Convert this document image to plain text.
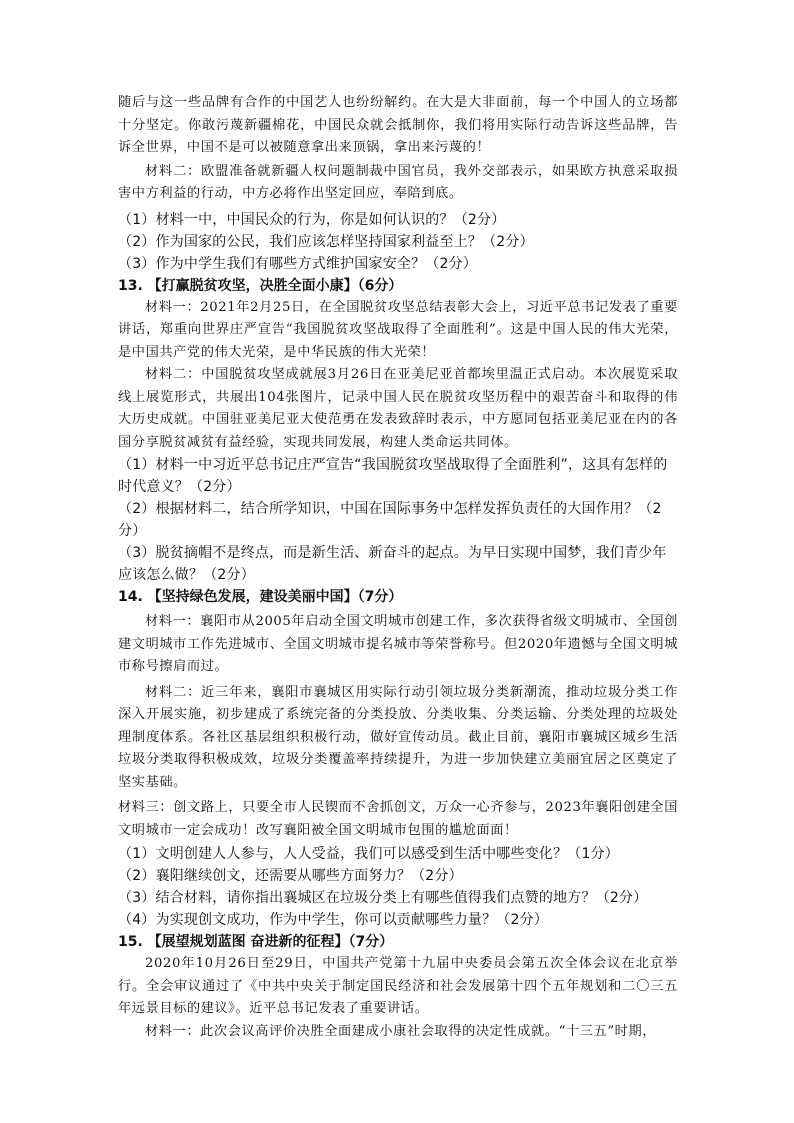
随后与这一些品牌有合作的中国艺人也纷纷解约。在大是大非面前，每一个中国人的立场都十分坚定。你敢污蔑新疆棉花，中国民众就会抵制你，我们将用实际行动告诉这些品牌，告诉全世界，中国不是可以被随意拿出来顶锅，拿出来污蔑的！

材料二：欧盟准备就新疆人权问题制裁中国官员，我外交部表示，如果欧方执意采取损害中方利益的行动，中方必将作出坚定回应，奉陪到底。

（1）材料一中，中国民众的行为，你是如何认识的？（2分）

（2）作为国家的公民，我们应该怎样坚持国家利益至上？（2分）

（3）作为中学生我们有哪些方式维护国家安全？（2分）

13. 【打赢脱贫攻坚，决胜全面小康】（6分）

材料一：2021年2月25日，在全国脱贫攻坚总结表彰大会上，习近平总书记发表了重要讲话，郑重向世界庄严宣告“我国脱贫攻坚战取得了全面胜利”。这是中国人民的伟大光荣，是中国共产党的伟大光荣，是中华民族的伟大光荣！

材料二：中国脱贫攻坚成就展3月26日在亚美尼亚首都埃里温正式启动。本次展览采取线上展览形式，共展出104张图片，记录中国人民在脱贫攻坚历程中的艰苦奋斗和取得的伟大历史成就。中国驻亚美尼亚大使范勇在发表致辞时表示，中方愿同包括亚美尼亚在内的各国分享脱贫减贫有益经验，实现共同发展，构建人类命运共同体。

（1）材料一中习近平总书记庄严宣告“我国脱贫攻坚战取得了全面胜利”，这具有怎样的时代意义？（2分）

（2）根据材料二，结合所学知识，中国在国际事务中怎样发挥负责任的大国作用？（2分）

（3）脱贫摘帽不是终点，而是新生活、新奋斗的起点。为早日实现中国梦，我们青少年应该怎么做？（2分）

14. 【坚持绿色发展，建设美丽中国】（7分）

材料一：襄阳市从2005年启动全国文明城市创建工作，多次获得省级文明城市、全国创建文明城市工作先进城市、全国文明城市提名城市等荣誉称号。但2020年遗憾与全国文明城市称号擦肩而过。

材料二：近三年来，襄阳市襄城区用实际行动引领垃圾分类新潮流，推动垃圾分类工作深入开展实施，初步建成了系统完备的分类投放、分类收集、分类运输、分类处理的垃圾处理制度体系。各社区基层组织积极行动，做好宣传动员。截止目前，襄阳市襄城区城乡生活垃圾分类取得积极成效，垃圾分类覆盖率持续提升，为进一步加快建立美丽宜居之区奠定了坚实基础。

材料三：创文路上，只要全市人民锲而不舍抓创文，万众一心齐参与，2023年襄阳创建全国文明城市一定会成功！改写襄阳被全国文明城市包围的尴尬面面！

（1）文明创建人人参与，人人受益，我们可以感受到生活中哪些变化？（1分）

（2）襄阳继续创文，还需要从哪些方面努力？（2分）

（3）结合材料，请你指出襄城区在垃圾分类上有哪些值得我们点赞的地方？（2分）

（4）为实现创文成功，作为中学生，你可以贡献哪些力量？（2分）

15. 【展望规划蓝图 奋进新的征程】（7分）

2020年10月26日至29日，中国共产党第十九届中央委员会第五次全体会议在北京举行。全会审议通过了《中共中央关于制定国民经济和社会发展第十四个五年规划和二〇三五年远景目标的建议》。近平总书记发表了重要讲话。

材料一：此次会议高评价决胜全面建成小康社会取得的决定性成就。“十三五”时期，
